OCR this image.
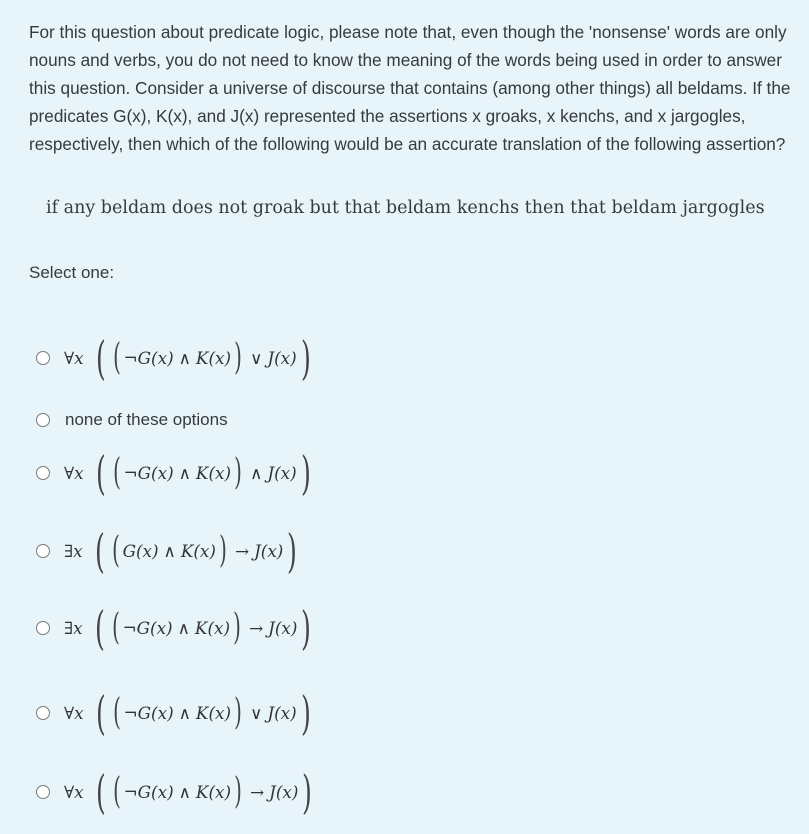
For this question about predicate logic, please note that, even though the 'nonsense' words are only nouns and verbs, you do not need to know the meaning of the words being used in order to answer this question. Consider a universe of discourse that contains (among other things) all beldams. If the predicates G(x), K(x), and J(x) represented the assertions x groaks, x kenchs, and x jargogles, respectively, then which of the following would be an accurate translation of the following assertion?

if any beldam does not groak but that beldam kenchs then that beldam jargogles
Select one:
∀x ( ( ¬ G(x) ∧ K(x) ) ∨ J(x) )
none of these options
∀x ( ( ¬ G(x) ∧ K(x) ) ∧ J(x) )
∃x ( ( G(x) ∧ K(x) ) → J(x) )
∃x ( ( ¬ G(x) ∧ K(x) ) → J(x) )
∀x ( ( ¬ G(x) ∧ K(x) ) ∨ J(x) )
∀x ( ( ¬ G(x) ∧ K(x) ) → J(x) )
